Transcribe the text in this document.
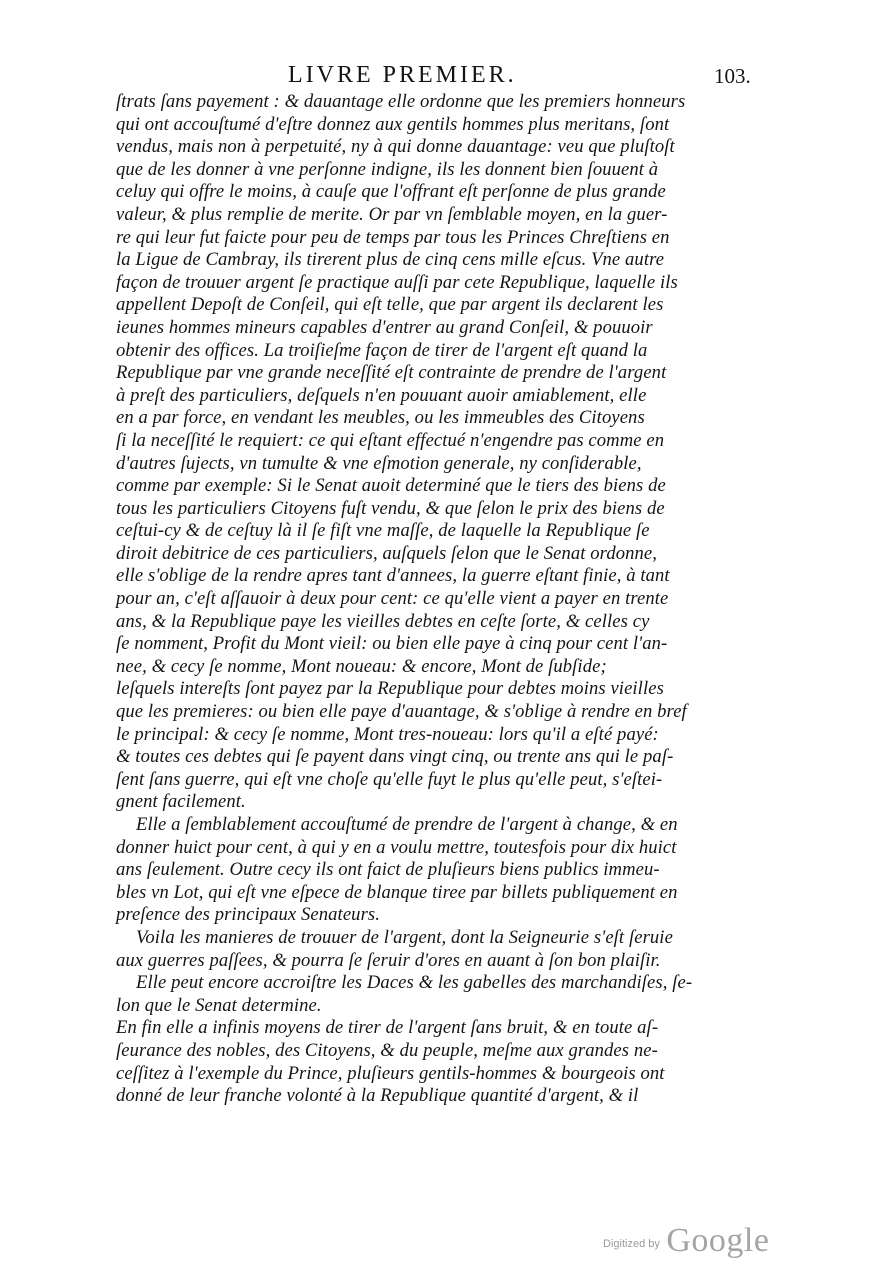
LIVRE PREMIER.	103.
ſtrats ſans payement : & dauantage elle ordonne que les premiers honneurs
qui ont accouſtumé d'eſtre donnez aux gentils hommes plus meritans, ſont
vendus, mais non à perpetuité, ny à qui donne dauantage: veu que pluſtoſt
que de les donner à vne perſonne indigne, ils les donnent bien ſouuent à
celuy qui offre le moins, à cauſe que l'offrant eſt perſonne de plus grande
valeur, & plus remplie de merite. Or par vn ſemblable moyen, en la guer-
re qui leur fut faicte pour peu de temps par tous les Princes Chreſtiens en
la Ligue de Cambray, ils tirerent plus de cinq cens mille eſcus. Vne autre
façon de trouuer argent ſe practique auſſi par cete Republique, laquelle ils
appellent Depoſt de Conſeil, qui eſt telle, que par argent ils declarent les
ieunes hommes mineurs capables d'entrer au grand Conſeil, & pouuoir
obtenir des offices. La troiſieſme façon de tirer de l'argent eſt quand la
Republique par vne grande neceſſité eſt contrainte de prendre de l'argent
à preſt des particuliers, deſquels n'en pouuant auoir amiablement, elle
en a par force, en vendant les meubles, ou les immeubles des Citoyens
ſi la neceſſité le requiert: ce qui eſtant effectué n'engendre pas comme en
d'autres ſujects, vn tumulte & vne eſmotion generale, ny conſiderable,
comme par exemple: Si le Senat auoit determiné que le tiers des biens de
tous les particuliers Citoyens fuſt vendu, & que ſelon le prix des biens de
ceſtui-cy & de ceſtuy là il ſe fiſt vne maſſe, de laquelle la Republique ſe
diroit debitrice de ces particuliers, auſquels ſelon que le Senat ordonne,
elle s'oblige de la rendre apres tant d'annees, la guerre eſtant finie, à tant
pour an, c'eſt aſſauoir à deux pour cent: ce qu'elle vient a payer en trente
ans, & la Republique paye les vieilles debtes en ceſte ſorte, & celles cy
ſe nomment, Profit du Mont vieil: ou bien elle paye à cinq pour cent l'an-
nee, & cecy ſe nomme, Mont noueau: & encore, Mont de ſubſide;
leſquels intereſts ſont payez par la Republique pour debtes moins vieilles
que les premieres: ou bien elle paye d'auantage, & s'oblige à rendre en bref
le principal: & cecy ſe nomme, Mont tres-noueau: lors qu'il a eſté payé:
& toutes ces debtes qui ſe payent dans vingt cinq, ou trente ans qui le paſ-
ſent ſans guerre, qui eſt vne choſe qu'elle fuyt le plus qu'elle peut, s'eſtei-
gnent facilement.
Elle a ſemblablement accouſtumé de prendre de l'argent à change, & en
donner huict pour cent, à qui y en a voulu mettre, toutesfois pour dix huict
ans ſeulement. Outre cecy ils ont faict de pluſieurs biens publics immeu-
bles vn Lot, qui eſt vne eſpece de blanque tiree par billets publiquement en
preſence des principaux Senateurs.
Voila les manieres de trouuer de l'argent, dont la Seigneurie s'eſt ſeruie
aux guerres paſſees, & pourra ſe ſeruir d'ores en auant à ſon bon plaiſir.
Elle peut encore accroiſtre les Daces & les gabelles des marchandiſes, ſe-
lon que le Senat determine.
En fin elle a infinis moyens de tirer de l'argent ſans bruit, & en toute aſ-
ſeurance des nobles, des Citoyens, & du peuple, meſme aux grandes ne-
ceſſitez à l'exemple du Prince, pluſieurs gentils-hommes & bourgeois ont
donné de leur franche volonté à la Republique quantité d'argent, & il
$^{Digitized by}$ Google
